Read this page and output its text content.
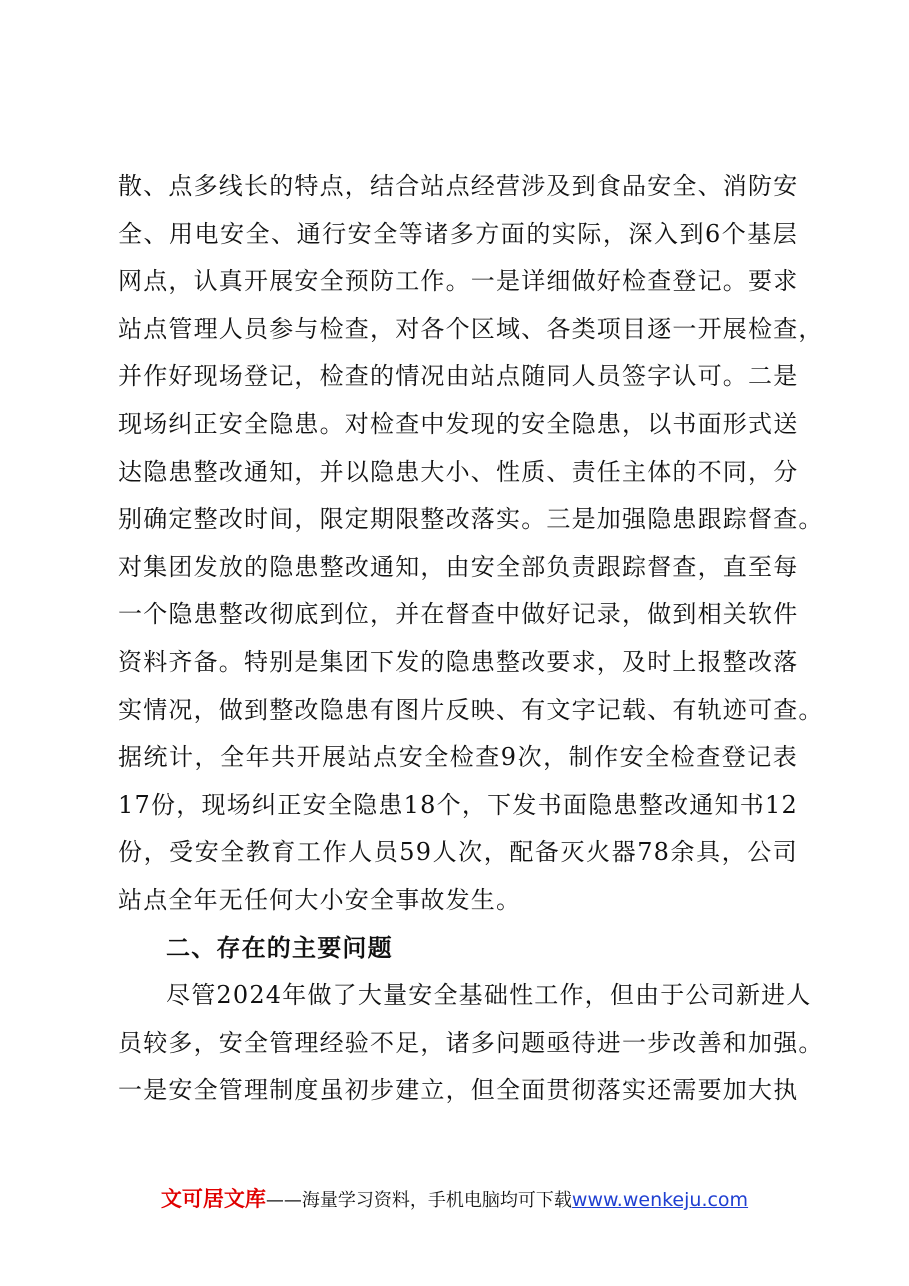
散、点多线长的特点，结合站点经营涉及到食品安全、消防安
全、用电安全、通行安全等诸多方面的实际，深入到6个基层
网点，认真开展安全预防工作。一是详细做好检查登记。要求
站点管理人员参与检查，对各个区域、各类项目逐一开展检查，
并作好现场登记，检查的情况由站点随同人员签字认可。二是
现场纠正安全隐患。对检查中发现的安全隐患，以书面形式送
达隐患整改通知，并以隐患大小、性质、责任主体的不同，分
别确定整改时间，限定期限整改落实。三是加强隐患跟踪督查。
对集团发放的隐患整改通知，由安全部负责跟踪督查，直至每
一个隐患整改彻底到位，并在督查中做好记录，做到相关软件
资料齐备。特别是集团下发的隐患整改要求，及时上报整改落
实情况，做到整改隐患有图片反映、有文字记载、有轨迹可查。
据统计，全年共开展站点安全检查9次，制作安全检查登记表
17份，现场纠正安全隐患18个，下发书面隐患整改通知书12
份，受安全教育工作人员59人次，配备灭火器78余具，公司
站点全年无任何大小安全事故发生。
二、存在的主要问题
尽管2024年做了大量安全基础性工作，但由于公司新进人
员较多，安全管理经验不足，诸多问题亟待进一步改善和加强。
一是安全管理制度虽初步建立，但全面贯彻落实还需要加大执
文可居文库——海量学习资料，手机电脑均可下载www.wenkeju.com
